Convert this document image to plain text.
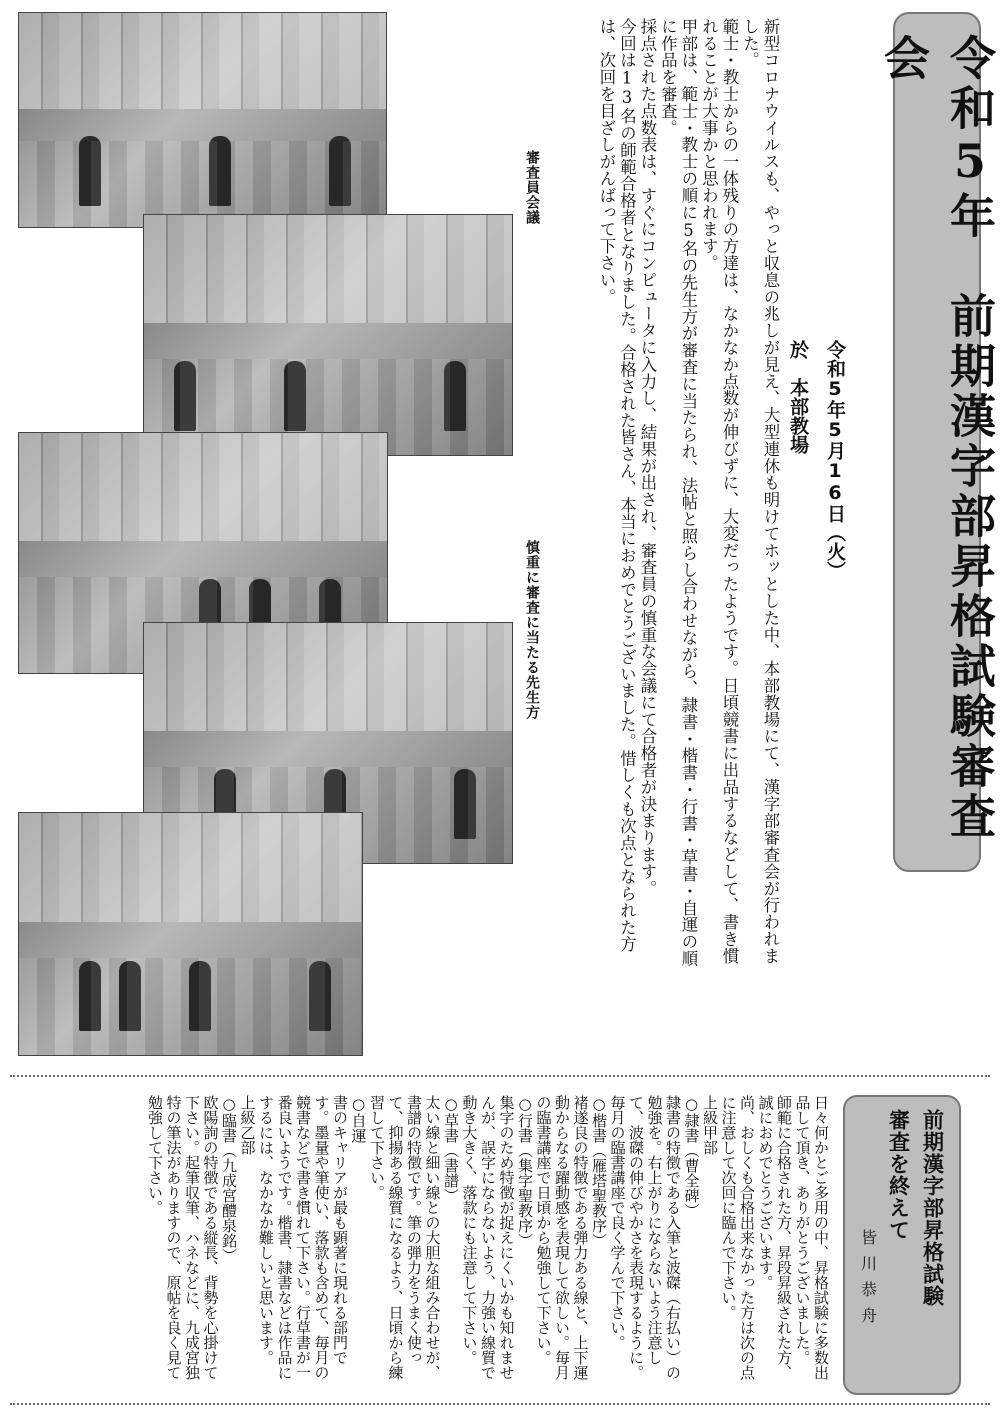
令和5年　前期漢字部昇格試験審査会
令和5年5月16日（火）
於　本部教場

新型コロナウイルスも、やっと収息の兆しが見え、大型連休も明けてホッとした中、本部教場にて、漢字部審査会が行われました。

範士・教士からの一体残りの方達は、なかなか点数が伸びずに、大変だったようです。日頃競書に出品するなどして、書き慣れることが大事かと思われます。

甲部は、範士・教士の順に5名の先生方が審査に当たられ、法帖と照らし合わせながら、隷書・楷書・行書・草書・自運の順に作品を審査。

採点された点数表は、すぐにコンピュータに入力し、結果が出され、審査員の慎重な会議にて合格者が決まります。

今回は13名の師範合格者となりました。合格された皆さん、本当におめでとうございました。惜しくも次点となられた方は、次回を目ざしがんばって下さい。

審査員会議
慎重に審査に当たる先生方
前期漢字部昇格試験
審査を終えて
皆川恭舟

日々何かとご多用の中、昇格試験に多数出品して頂き、ありがとうございました。

師範に合格された方、昇段昇級された方、誠におめでとうございます。

尚、おしくも合格出来なかった方は次の点に注意して次回に臨んで下さい。

上級甲部

○隷書（曹全碑）

隷書の特徴である入筆と波磔（右払い）の勉強を。右上がりにならないよう注意して、波磔の伸びやかさを表現するように。毎月の臨書講座で良く学んで下さい。

○楷書（雁塔聖教序）

褚遂良の特徴である弾力ある線と、上下運動からなる躍動感を表現して欲しい。毎月の臨書講座で日頃から勉強して下さい。

○行書（集字聖教序）

集字のため特徴が捉えにくいかも知れませんが、誤字にならないよう、力強い線質で動き大きく、落款にも注意して下さい。

○草書（書譜）

太い線と細い線との大胆な組み合わせが、書譜の特徴です。筆の弾力をうまく使って、抑揚ある線質になるよう、日頃から練習して下さい。

○自運

書のキャリアが最も顕著に現れる部門です。墨量や筆使い、落款も含めて、毎月の競書などで書き慣れて下さい。行草書が一番良いようです。楷書、隷書などは作品にするには、なかなか難しいと思います。

上級乙部

○臨書（九成宮醴泉銘）

欧陽詢の特徴である縦長、背勢を心掛けて下さい。起筆収筆、ハネなどに、九成宮独特の筆法がありますので、原帖を良く見て勉強して下さい。
